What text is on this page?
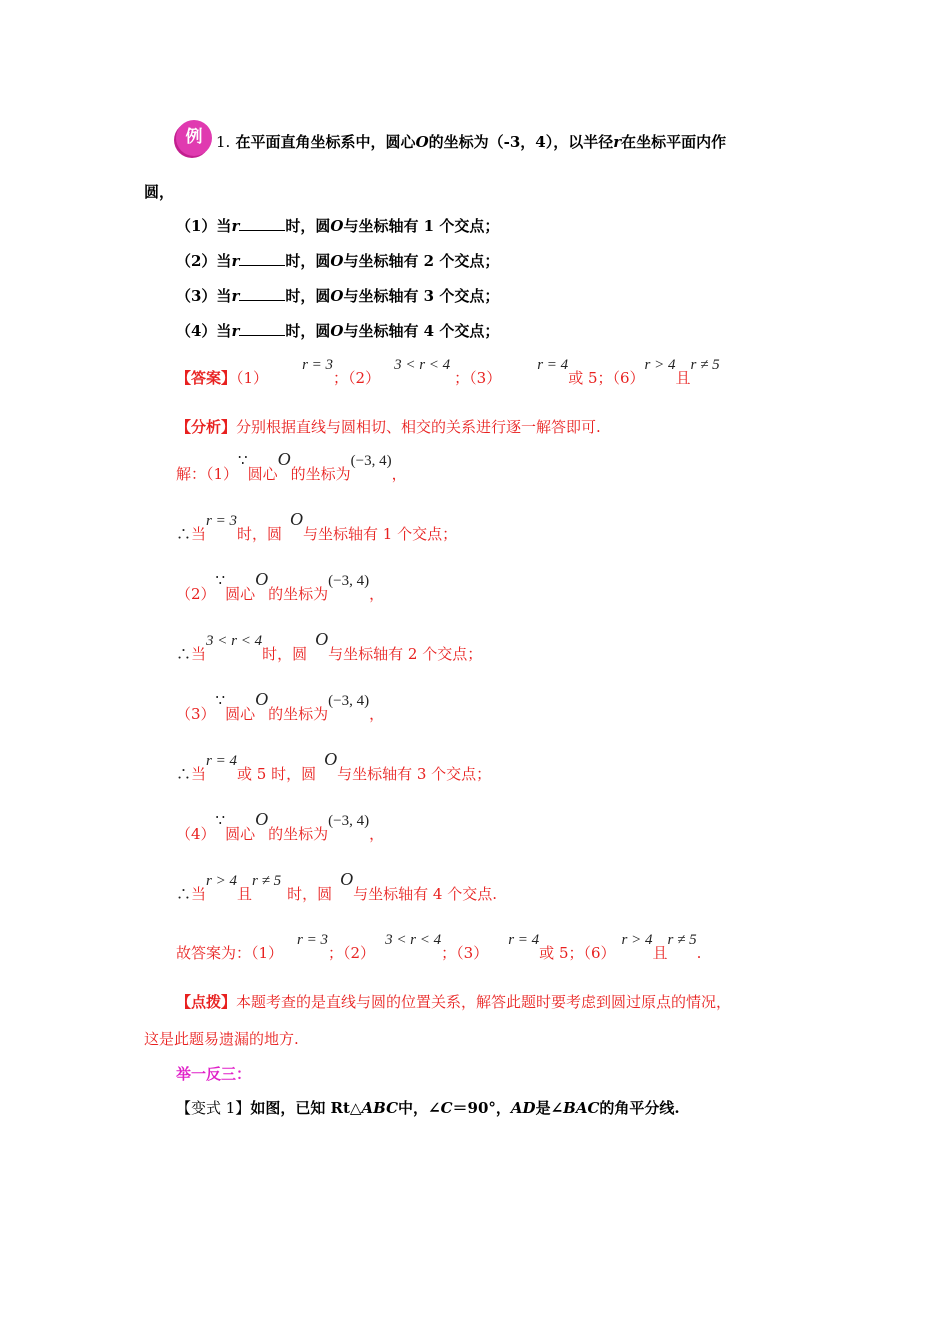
例 1. 在平面直角坐标系中，圆心O的坐标为（-3，4），以半径r在坐标平面内作
圆，
（1）当r	时，圆O与坐标轴有 1 个交点；
（2）当r	时，圆O与坐标轴有 2 个交点；
（3）当r	时，圆O与坐标轴有 3 个交点；
（4）当r	时，圆O与坐标轴有 4 个交点；
【答案】（1）r = 3；（2）3 < r < 4；（3）r = 4或 5；（6）r > 4且r ≠ 5
【分析】分别根据直线与圆相切、相交的关系进行逐一解答即可.
解：（1）∵圆心O的坐标为(−3, 4)，
∴当r = 3时，圆O与坐标轴有 1 个交点；
（2）∵圆心O的坐标为(−3, 4)，
∴当3 < r < 4时，圆O与坐标轴有 2 个交点；
（3）∵圆心O的坐标为(−3, 4)，
∴当r = 4或 5 时，圆O与坐标轴有 3 个交点；
（4）∵圆心O的坐标为(−3, 4)，
∴当r > 4且r ≠ 5时，圆O与坐标轴有 4 个交点.
故答案为：（1）r = 3；（2）3 < r < 4；（3）r = 4或 5；（6）r > 4且r ≠ 5.
【点拨】本题考查的是直线与圆的位置关系，解答此题时要考虑到圆过原点的情况，
这是此题易遗漏的地方.
举一反三：
【变式 1】如图，已知 Rt△ABC中，∠C＝90°，AD是∠BAC的角平分线.
